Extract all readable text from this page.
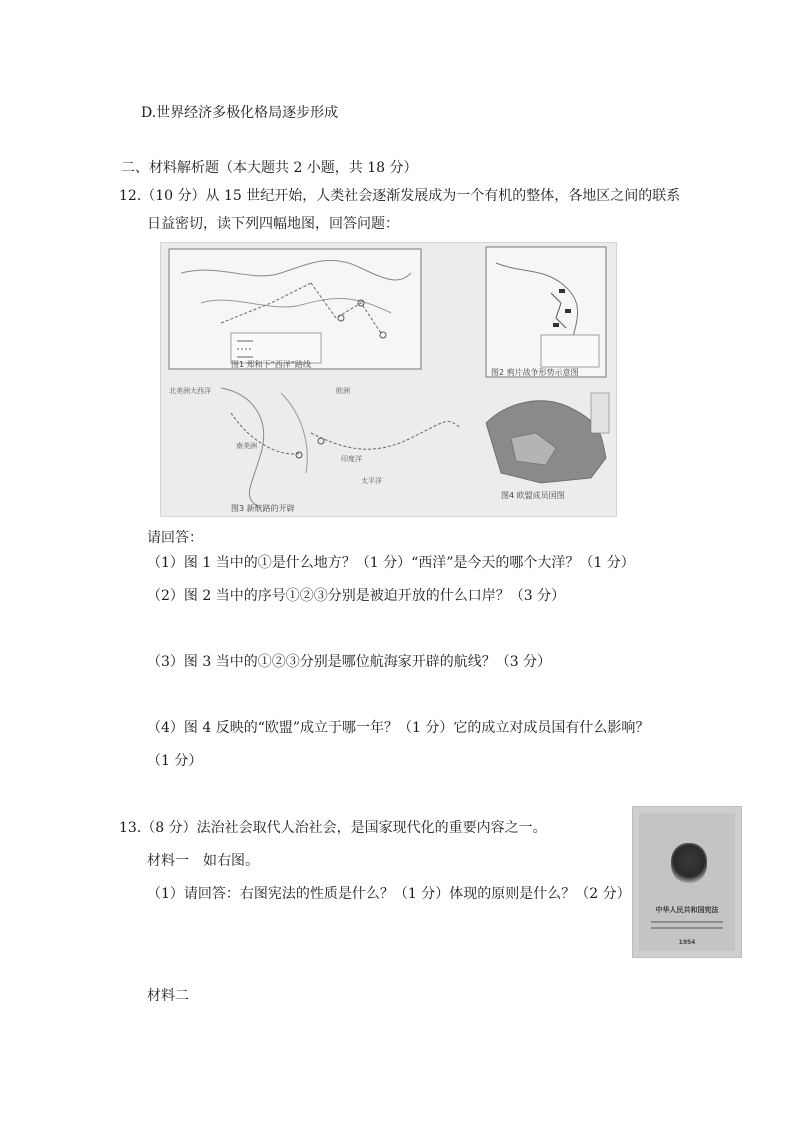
D.世界经济多极化格局逐步形成
二、材料解析题（本大题共 2 小题，共 18 分）
12.（10 分）从 15 世纪开始，人类社会逐渐发展成为一个有机的整体，各地区之间的联系
日益密切，读下列四幅地图，回答问题：
图1 郑和下“西洋”路线
图2 鸦片战争形势示意图
北美洲大西洋
南美洲
太平洋
印度洋
欧洲
图3 新航路的开辟
图4 欧盟成员国图
请回答：
（1）图 1 当中的①是什么地方？（1 分）“西洋”是今天的哪个大洋？（1 分）
（2）图 2 当中的序号①②③分别是被迫开放的什么口岸？（3 分）
（3）图 3 当中的①②③分别是哪位航海家开辟的航线？（3 分）
（4）图 4 反映的“欧盟”成立于哪一年？（1 分）它的成立对成员国有什么影响？
（1 分）
13.（8 分）法治社会取代人治社会，是国家现代化的重要内容之一。
材料一　如右图。
（1）请回答：右图宪法的性质是什么？（1 分）体现的原则是什么？（2 分）
中华人民共和国宪法
1954
材料二
